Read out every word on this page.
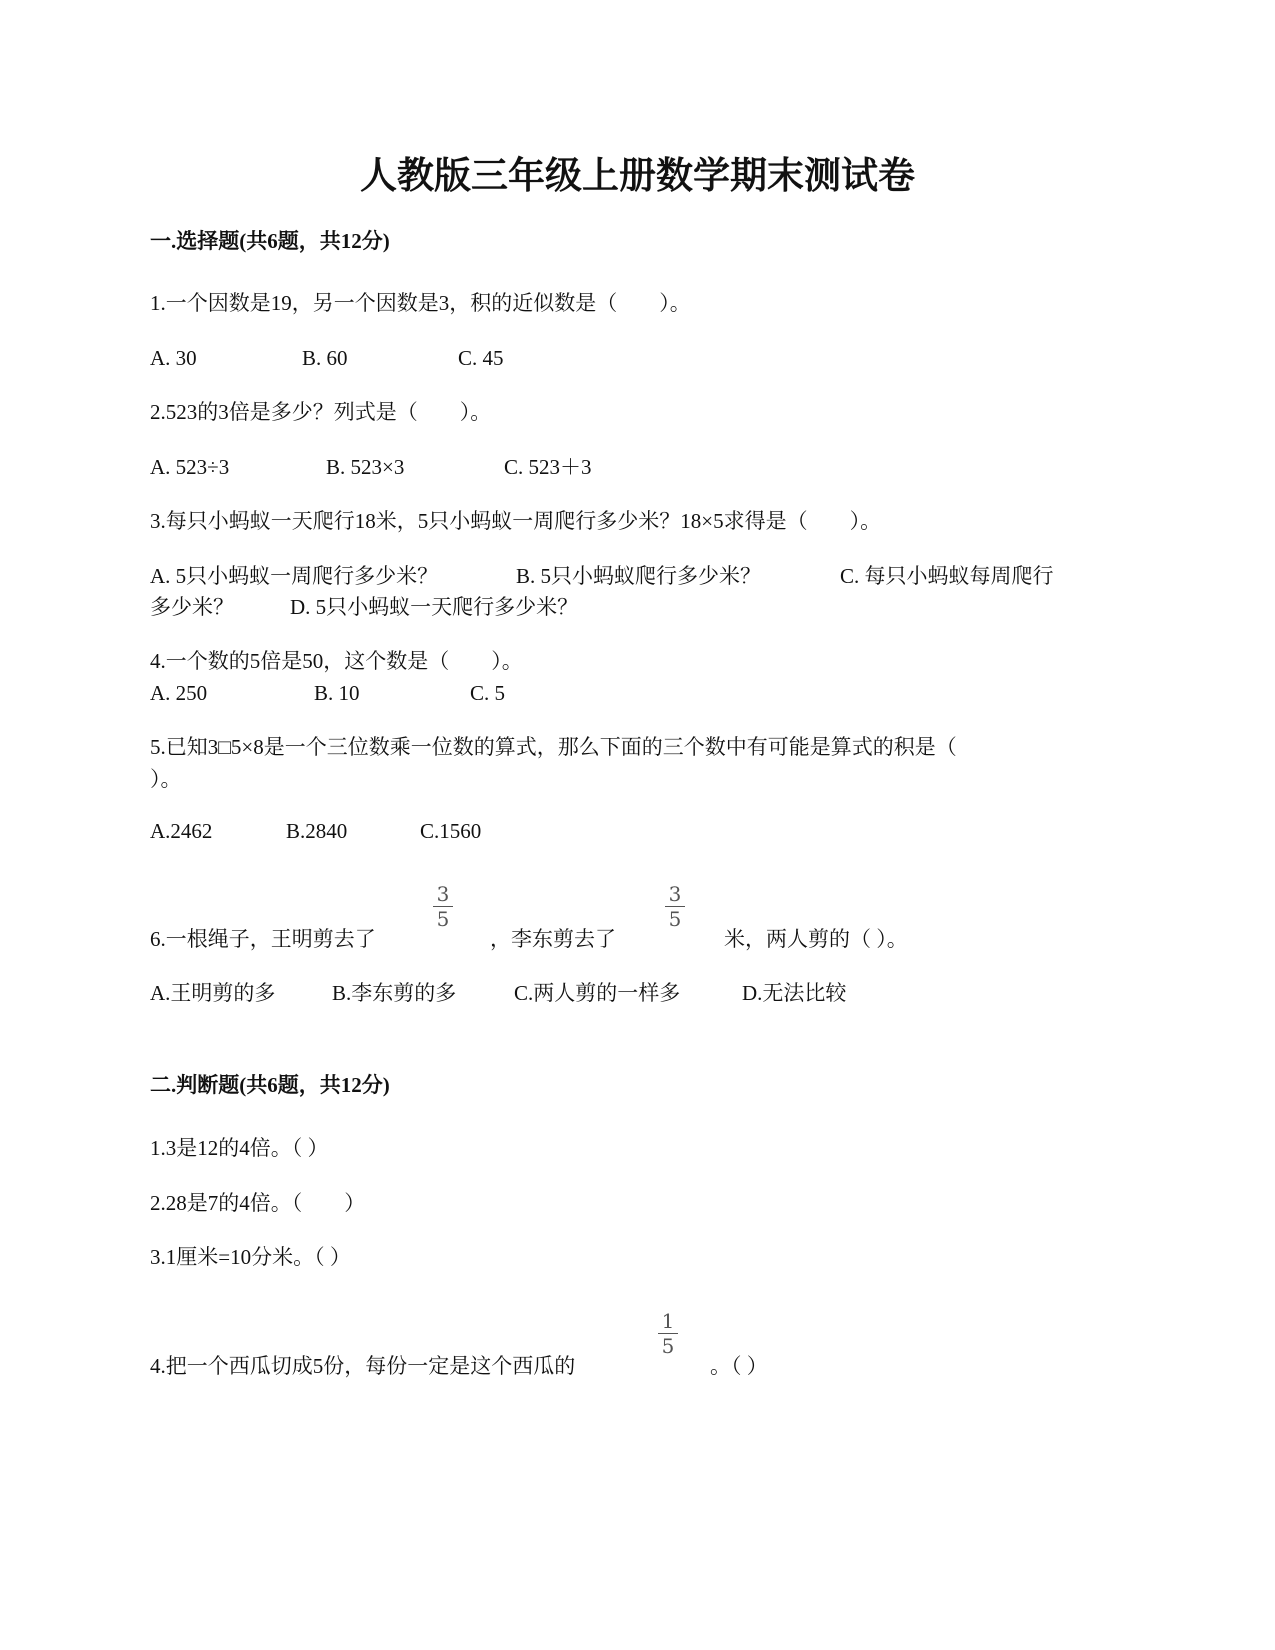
人教版三年级上册数学期末测试卷
一.选择题(共6题，共12分)
1.一个因数是19，另一个因数是3，积的近似数是（　　）。
A. 30	B. 60	C. 45
2.523的3倍是多少？列式是（　　）。
A. 523÷3	B. 523×3	C. 523＋3
3.每只小蚂蚁一天爬行18米，5只小蚂蚁一周爬行多少米？18×5求得是（　　）。
A. 5只小蚂蚁一周爬行多少米？	B. 5只小蚂蚁爬行多少米？	C. 每只小蚂蚁每周爬行
多少米？	D. 5只小蚂蚁一天爬行多少米？
4.一个数的5倍是50，这个数是（　　）。
A. 250	B. 10	C. 5
5.已知3□5×8是一个三位数乘一位数的算式，那么下面的三个数中有可能是算式的积是（
）。
A.2462	B.2840	C.1560
6.一根绳子，王明剪去了	，李东剪去了	米，两人剪的（ ）。
3
5
3
5
A.王明剪的多	B.李东剪的多	C.两人剪的一样多	D.无法比较
二.判断题(共6题，共12分)
1.3是12的4倍。（ ）
2.28是7的4倍。（　　）
3.1厘米=10分米。（ ）
4.把一个西瓜切成5份，每份一定是这个西瓜的	。（ ）
1
5
